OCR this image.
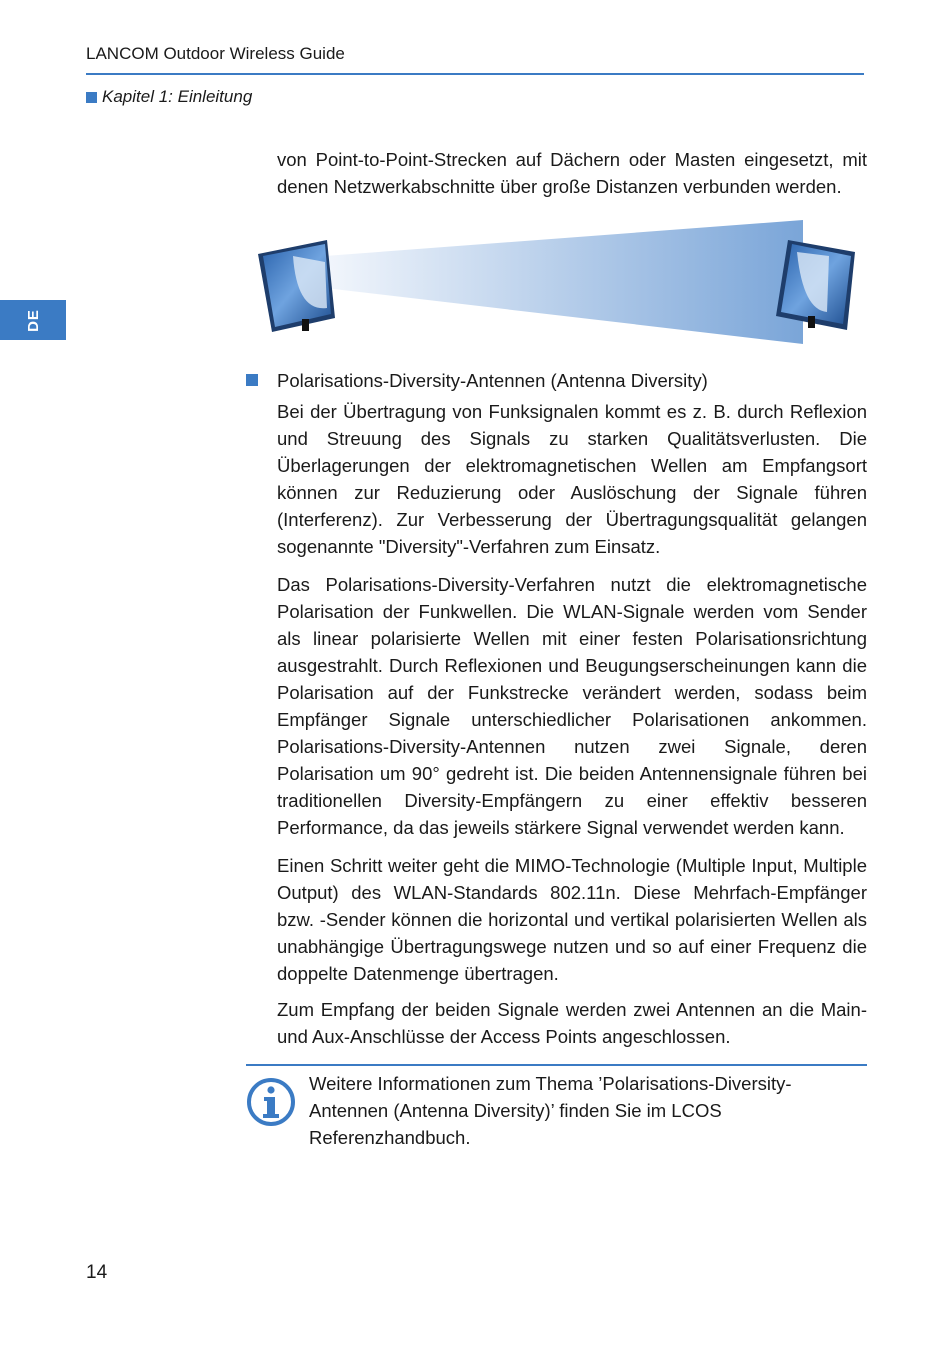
LANCOM Outdoor Wireless Guide
Kapitel 1: Einleitung
DE

von Point-to-Point-Strecken auf Dächern oder Masten eingesetzt, mit denen Netzwerkabschnitte über große Distanzen verbunden werden.

Polarisations-Diversity-Antennen (Antenna Diversity)

Bei der Übertragung von Funksignalen kommt es z. B. durch Reflexion und Streuung des Signals zu starken Qualitätsverlusten. Die Überlagerungen der elektromagnetischen Wellen am Empfangsort können zur Reduzierung oder Auslöschung der Signale führen (Interferenz). Zur Verbesserung der Übertragungsqualität gelangen sogenannte "Diversity"-Verfahren zum Einsatz.

Das Polarisations-Diversity-Verfahren nutzt die elektromagnetische Polarisation der Funkwellen. Die WLAN-Signale werden vom Sender als linear polarisierte Wellen mit einer festen Polarisationsrichtung ausgestrahlt. Durch Reflexionen und Beugungserscheinungen kann die Polarisation auf der Funkstrecke verändert werden, sodass beim Empfänger Signale unterschiedlicher Polarisationen ankommen. Polarisations-Diversity-Antennen nutzen zwei Signale, deren Polarisation um 90° gedreht ist. Die beiden Antennensignale führen bei traditionellen Diversity-Empfängern zu einer effektiv besseren Performance, da das jeweils stärkere Signal verwendet werden kann.

Einen Schritt weiter geht die MIMO-Technologie (Multiple Input, Multiple Output) des WLAN-Standards 802.11n. Diese Mehrfach-Empfänger bzw. -Sender können die horizontal und vertikal polarisierten Wellen als unabhängige Übertragungswege nutzen und so auf einer Frequenz die doppelte Datenmenge übertragen.

Zum Empfang der beiden Signale werden zwei Antennen an die Main- und Aux-Anschlüsse der Access Points angeschlossen.

Weitere Informationen zum Thema ’Polarisations-Diversity-Antennen (Antenna Diversity)’ finden Sie im LCOS Referenzhandbuch.
14
